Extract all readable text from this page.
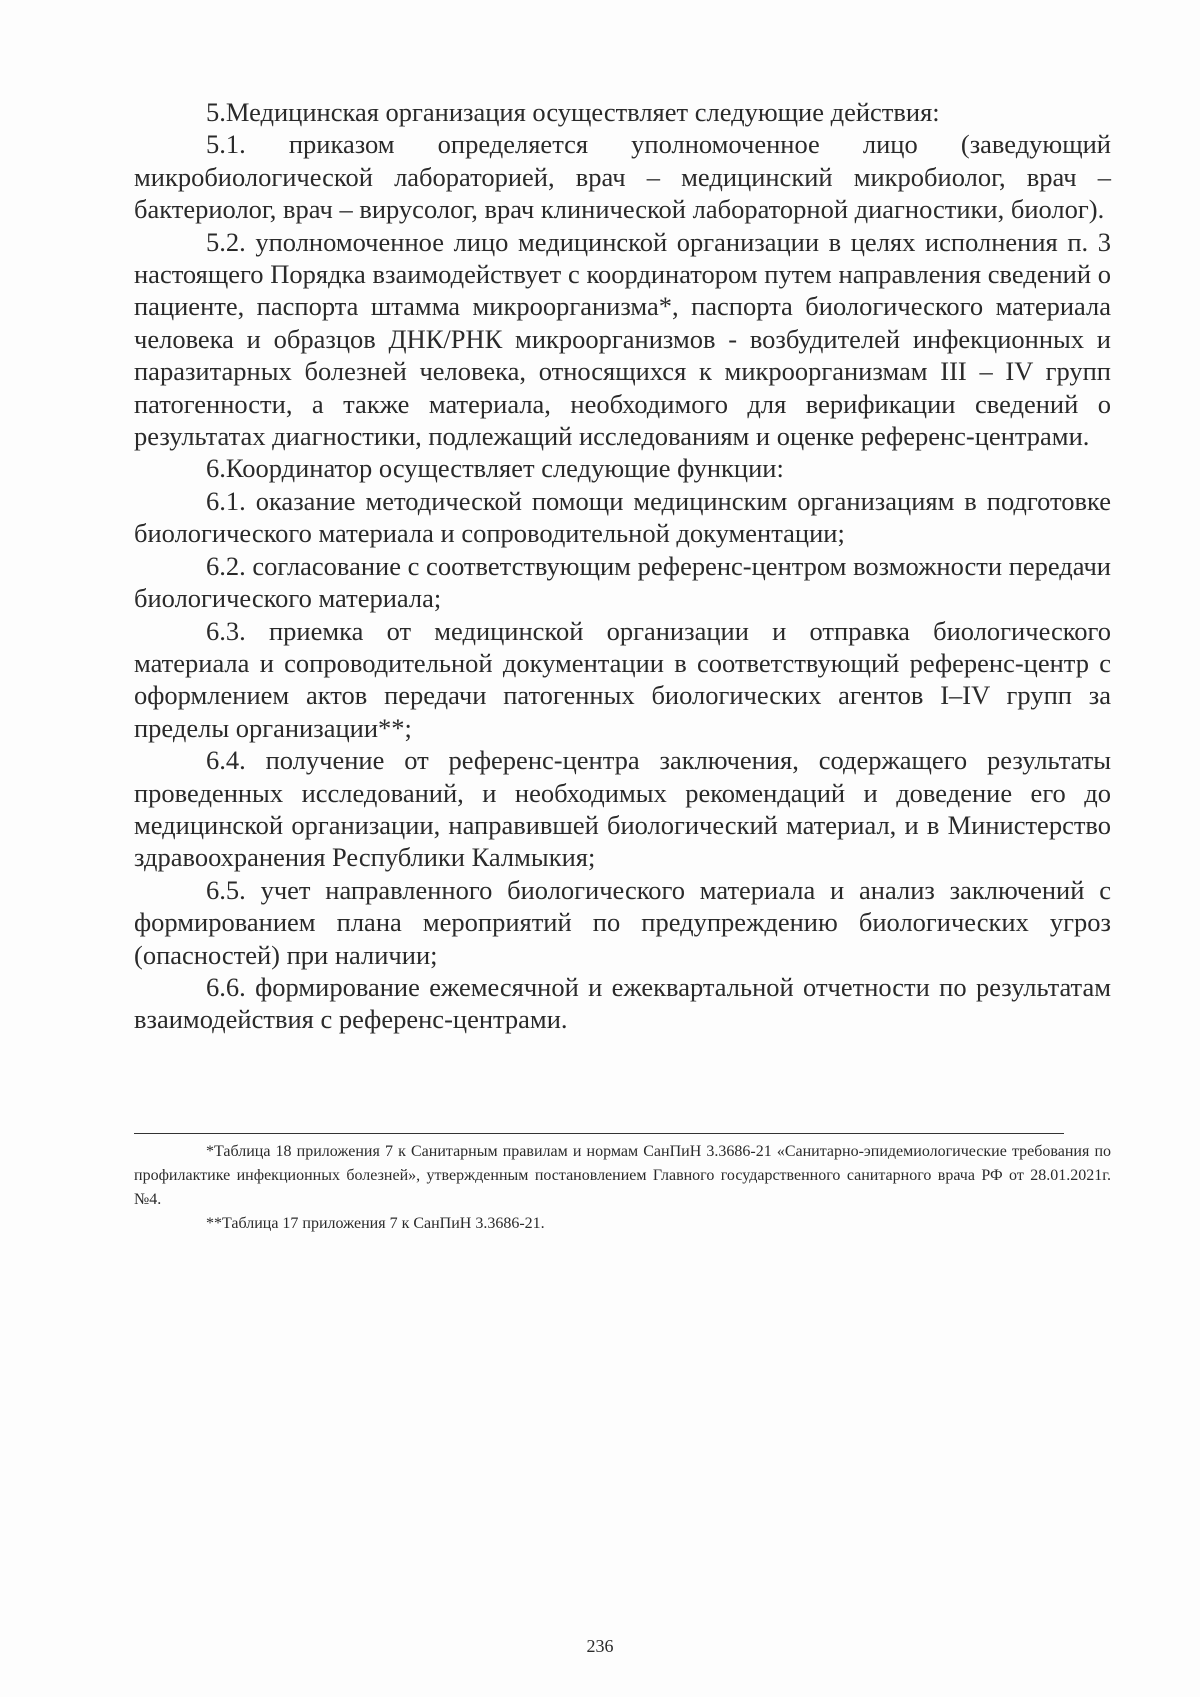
5.Медицинская организация осуществляет следующие действия:

5.1. приказом определяется уполномоченное лицо (заведующий микробиологической лабораторией, врач – медицинский микробиолог, врач – бактериолог, врач – вирусолог, врач клинической лабораторной диагностики, биолог).

5.2. уполномоченное лицо медицинской организации в целях исполнения п. 3 настоящего Порядка взаимодействует с координатором путем направления сведений о пациенте, паспорта штамма микроорганизма*, паспорта биологического материала человека и образцов ДНК/РНК микроорганизмов - возбудителей инфекционных и паразитарных болезней человека, относящихся к микроорганизмам III – IV групп патогенности, а также материала, необходимого для верификации сведений о результатах диагностики, подлежащий исследованиям и оценке референс-центрами.

6.Координатор осуществляет следующие функции:

6.1. оказание методической помощи медицинским организациям в подготовке биологического материала и сопроводительной документации;

6.2. согласование с соответствующим референс-центром возможности передачи биологического материала;

6.3. приемка от медицинской организации и отправка биологического материала и сопроводительной документации в соответствующий референс-центр с оформлением актов передачи патогенных биологических агентов I–IV групп за пределы организации**;

6.4. получение от референс-центра заключения, содержащего результаты проведенных исследований, и необходимых рекомендаций и доведение его до медицинской организации, направившей биологический материал, и в Министерство здравоохранения Республики Калмыкия;

6.5. учет направленного биологического материала и анализ заключений с формированием плана мероприятий по предупреждению биологических угроз (опасностей) при наличии;

6.6. формирование ежемесячной и ежеквартальной отчетности по результатам взаимодействия с референс-центрами.

*Таблица 18 приложения 7 к Санитарным правилам и нормам СанПиН 3.3686-21 «Санитарно-эпидемиологические требования по профилактике инфекционных болезней», утвержденным постановлением Главного государственного санитарного врача РФ от 28.01.2021г. №4.

**Таблица 17 приложения 7 к СанПиН 3.3686-21.

236
